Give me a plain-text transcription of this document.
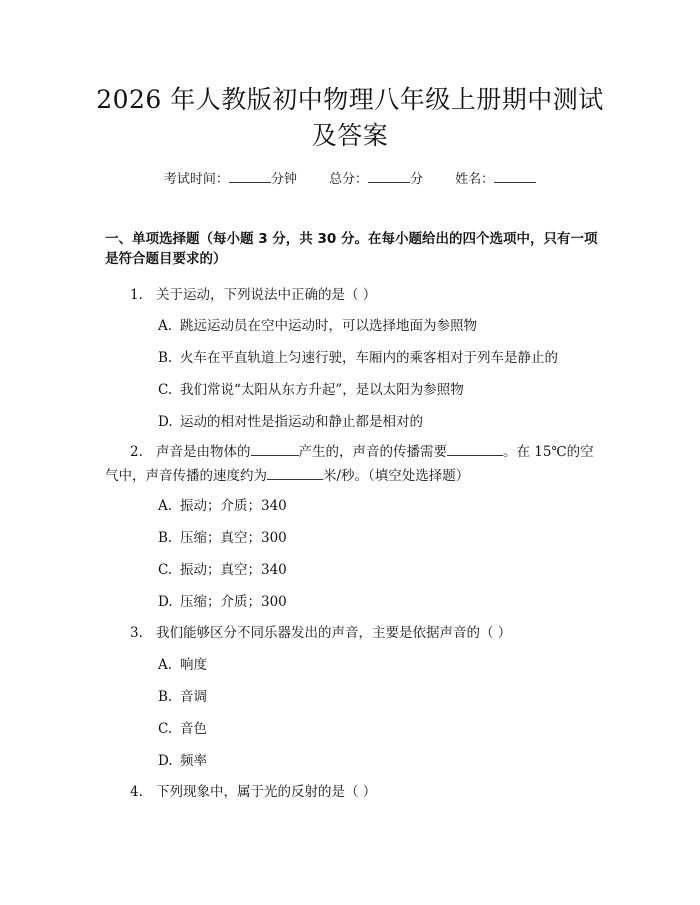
2026 年人教版初中物理八年级上册期中测试
及答案
考试时间：	分钟 总分：	分 姓名：
一、单项选择题（每小题 3 分，共 30 分。在每小题给出的四个选项中，只有一项是符合题目要求的）
1. 关于运动，下列说法中正确的是（ ）
A. 跳远运动员在空中运动时，可以选择地面为参照物
B. 火车在平直轨道上匀速行驶，车厢内的乘客相对于列车是静止的
C. 我们常说“太阳从东方升起”，是以太阳为参照物
D. 运动的相对性是指运动和静止都是相对的
2. 声音是由物体的	产生的，声音的传播需要	。在 15℃的空气中，声音传播的速度约为	米/秒。（填空处选择题）
A. 振动；介质；340
B. 压缩；真空；300
C. 振动；真空；340
D. 压缩；介质；300
3. 我们能够区分不同乐器发出的声音，主要是依据声音的（ ）
A. 响度
B. 音调
C. 音色
D. 频率
4. 下列现象中，属于光的反射的是（ ）
